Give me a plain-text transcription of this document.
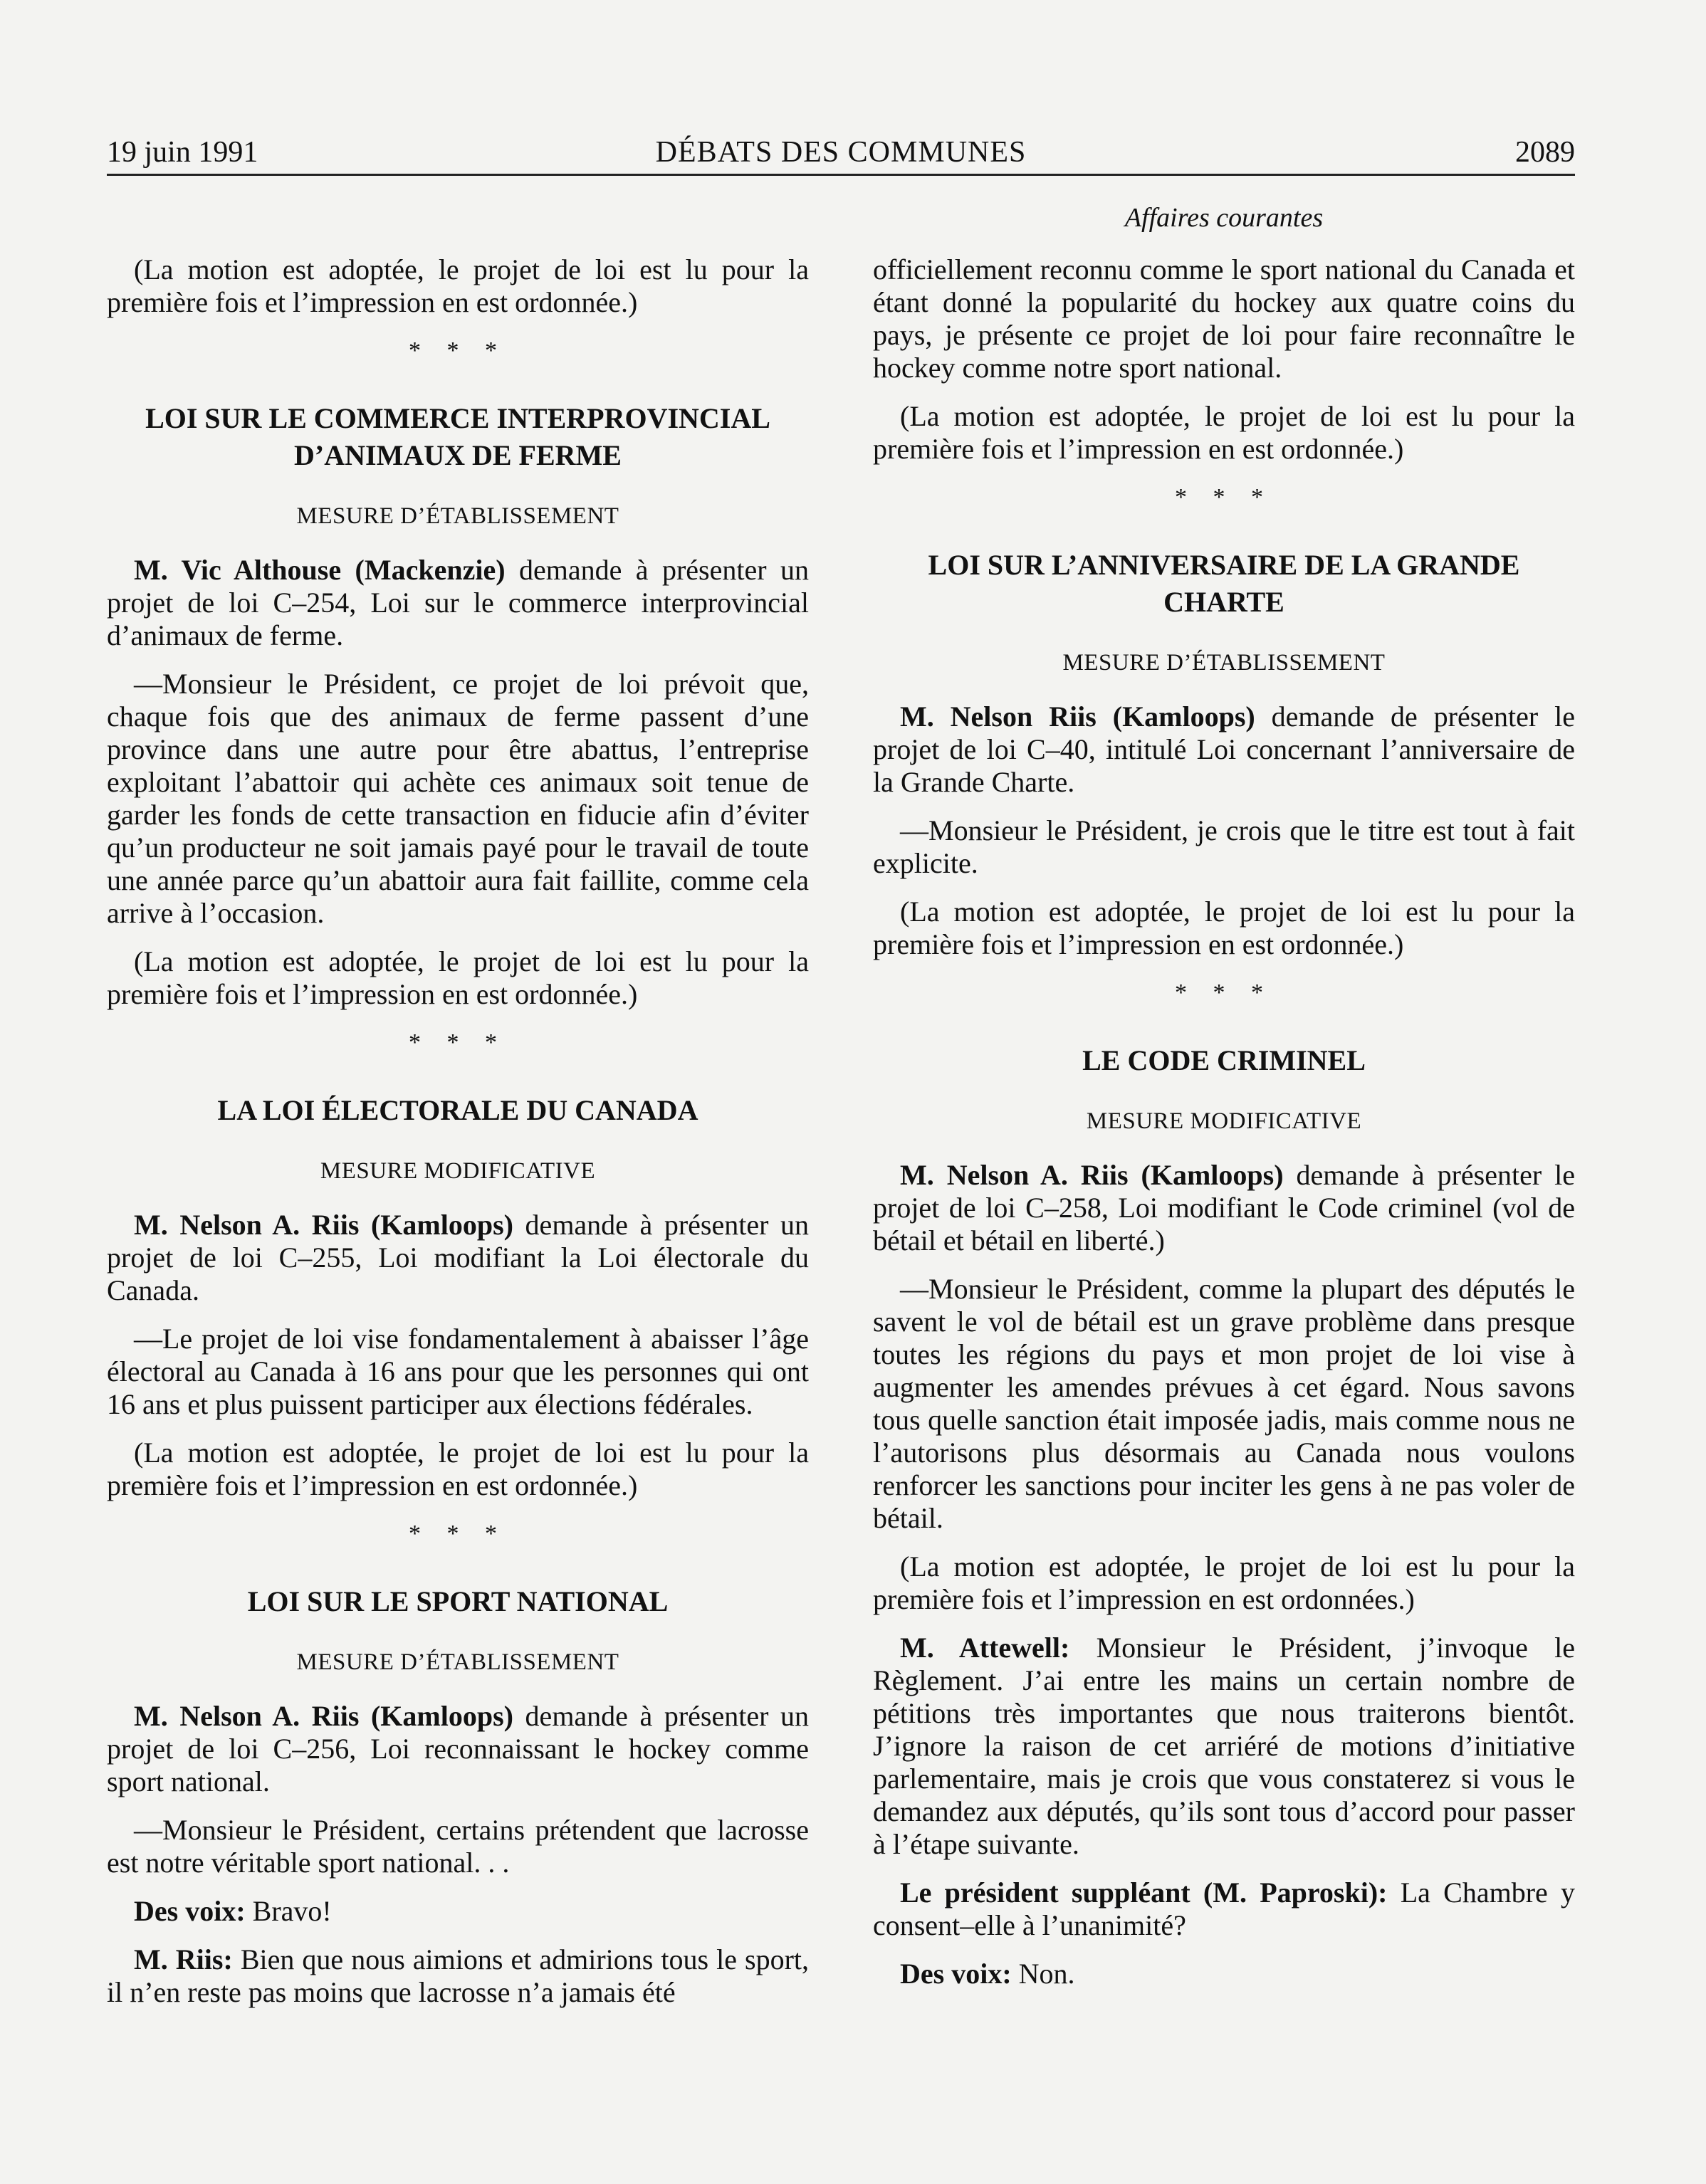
19 juin 1991	DÉBATS DES COMMUNES	2089
Affaires courantes

(La motion est adoptée, le projet de loi est lu pour la première fois et l’impression en est ordonnée.)

* * *
LOI SUR LE COMMERCE INTERPROVINCIAL
D’ANIMAUX DE FERME
MESURE D’ÉTABLISSEMENT

M. Vic Althouse (Mackenzie) demande à présenter un projet de loi C–254, Loi sur le commerce interprovincial d’animaux de ferme.

—Monsieur le Président, ce projet de loi prévoit que, chaque fois que des animaux de ferme passent d’une province dans une autre pour être abattus, l’entreprise exploitant l’abattoir qui achète ces animaux soit tenue de garder les fonds de cette transaction en fiducie afin d’éviter qu’un producteur ne soit jamais payé pour le travail de toute une année parce qu’un abattoir aura fait faillite, comme cela arrive à l’occasion.

(La motion est adoptée, le projet de loi est lu pour la première fois et l’impression en est ordonnée.)

* * *
LA LOI ÉLECTORALE DU CANADA
MESURE MODIFICATIVE

M. Nelson A. Riis (Kamloops) demande à présenter un projet de loi C–255, Loi modifiant la Loi électorale du Canada.

—Le projet de loi vise fondamentalement à abaisser l’âge électoral au Canada à 16 ans pour que les personnes qui ont 16 ans et plus puissent participer aux élections fédérales.

(La motion est adoptée, le projet de loi est lu pour la première fois et l’impression en est ordonnée.)

* * *
LOI SUR LE SPORT NATIONAL
MESURE D’ÉTABLISSEMENT

M. Nelson A. Riis (Kamloops) demande à présenter un projet de loi C–256, Loi reconnaissant le hockey comme sport national.

—Monsieur le Président, certains prétendent que lacrosse est notre véritable sport national. . .

Des voix: Bravo!

M. Riis: Bien que nous aimions et admirions tous le sport, il n’en reste pas moins que lacrosse n’a jamais été

officiellement reconnu comme le sport national du Canada et étant donné la popularité du hockey aux quatre coins du pays, je présente ce projet de loi pour faire reconnaître le hockey comme notre sport national.

(La motion est adoptée, le projet de loi est lu pour la première fois et l’impression en est ordonnée.)

* * *
LOI SUR L’ANNIVERSAIRE DE LA GRANDE
CHARTE
MESURE D’ÉTABLISSEMENT

M. Nelson Riis (Kamloops) demande de présenter le projet de loi C–40, intitulé Loi concernant l’anniversaire de la Grande Charte.

—Monsieur le Président, je crois que le titre est tout à fait explicite.

(La motion est adoptée, le projet de loi est lu pour la première fois et l’impression en est ordonnée.)

* * *
LE CODE CRIMINEL
MESURE MODIFICATIVE

M. Nelson A. Riis (Kamloops) demande à présenter le projet de loi C–258, Loi modifiant le Code criminel (vol de bétail et bétail en liberté.)

—Monsieur le Président, comme la plupart des députés le savent le vol de bétail est un grave problème dans presque toutes les régions du pays et mon projet de loi vise à augmenter les amendes prévues à cet égard. Nous savons tous quelle sanction était imposée jadis, mais comme nous ne l’autorisons plus désormais au Canada nous voulons renforcer les sanctions pour inciter les gens à ne pas voler de bétail.

(La motion est adoptée, le projet de loi est lu pour la première fois et l’impression en est ordonnées.)

M. Attewell: Monsieur le Président, j’invoque le Règlement. J’ai entre les mains un certain nombre de pétitions très importantes que nous traiterons bientôt. J’ignore la raison de cet arriéré de motions d’initiative parlementaire, mais je crois que vous constaterez si vous le demandez aux députés, qu’ils sont tous d’accord pour passer à l’étape suivante.

Le président suppléant (M. Paproski): La Chambre y consent–elle à l’unanimité?

Des voix: Non.
